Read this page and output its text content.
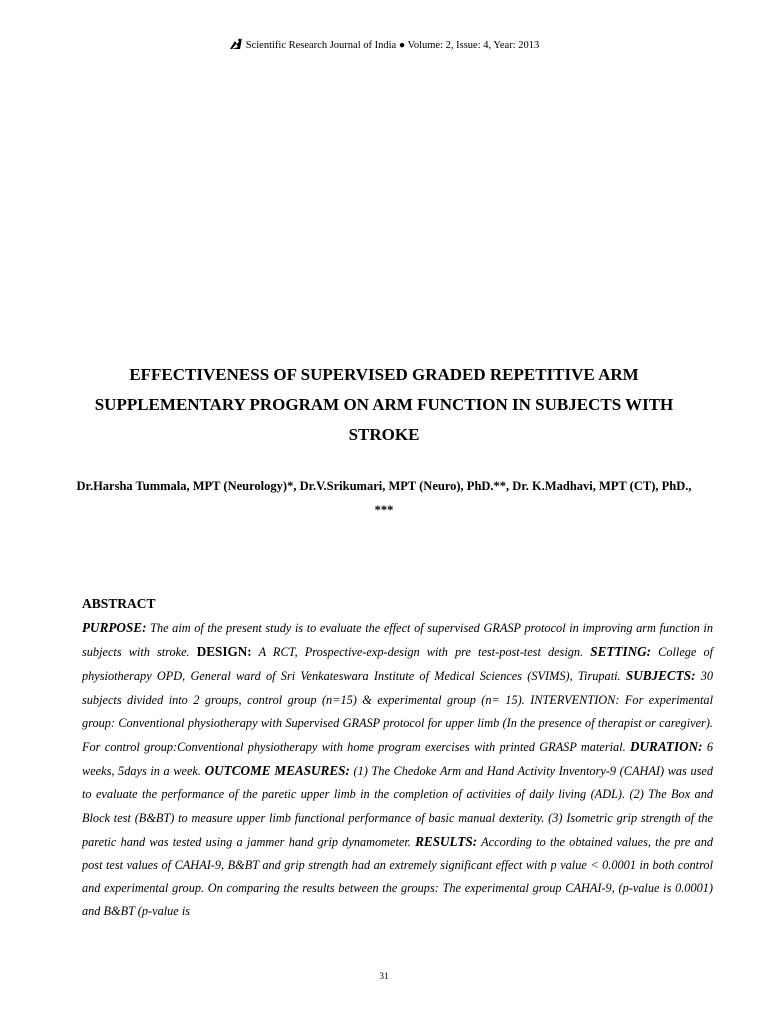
Scientific Research Journal of India ● Volume: 2, Issue: 4, Year: 2013
EFFECTIVENESS OF SUPERVISED GRADED REPETITIVE ARM SUPPLEMENTARY PROGRAM ON ARM FUNCTION IN SUBJECTS WITH STROKE
Dr.Harsha Tummala, MPT (Neurology)*, Dr.V.Srikumari, MPT (Neuro), PhD.**, Dr. K.Madhavi, MPT (CT), PhD., ***
ABSTRACT
PURPOSE: The aim of the present study is to evaluate the effect of supervised GRASP protocol in improving arm function in subjects with stroke. DESIGN: A RCT, Prospective-exp-design with pre test-post-test design. SETTING: College of physiotherapy OPD, General ward of Sri Venkateswara Institute of Medical Sciences (SVIMS), Tirupati. SUBJECTS: 30 subjects divided into 2 groups, control group (n=15) & experimental group (n= 15). INTERVENTION: For experimental group: Conventional physiotherapy with Supervised GRASP protocol for upper limb (In the presence of therapist or caregiver). For control group:Conventional physiotherapy with home program exercises with printed GRASP material. DURATION: 6 weeks, 5days in a week. OUTCOME MEASURES: (1) The Chedoke Arm and Hand Activity Inventory-9 (CAHAI) was used to evaluate the performance of the paretic upper limb in the completion of activities of daily living (ADL). (2) The Box and Block test (B&BT) to measure upper limb functional performance of basic manual dexterity. (3) Isometric grip strength of the paretic hand was tested using a jammer hand grip dynamometer. RESULTS: According to the obtained values, the pre and post test values of CAHAI-9, B&BT and grip strength had an extremely significant effect with p value < 0.0001 in both control and experimental group. On comparing the results between the groups: The experimental group CAHAI-9, (p-value is 0.0001) and B&BT (p-value is
31
